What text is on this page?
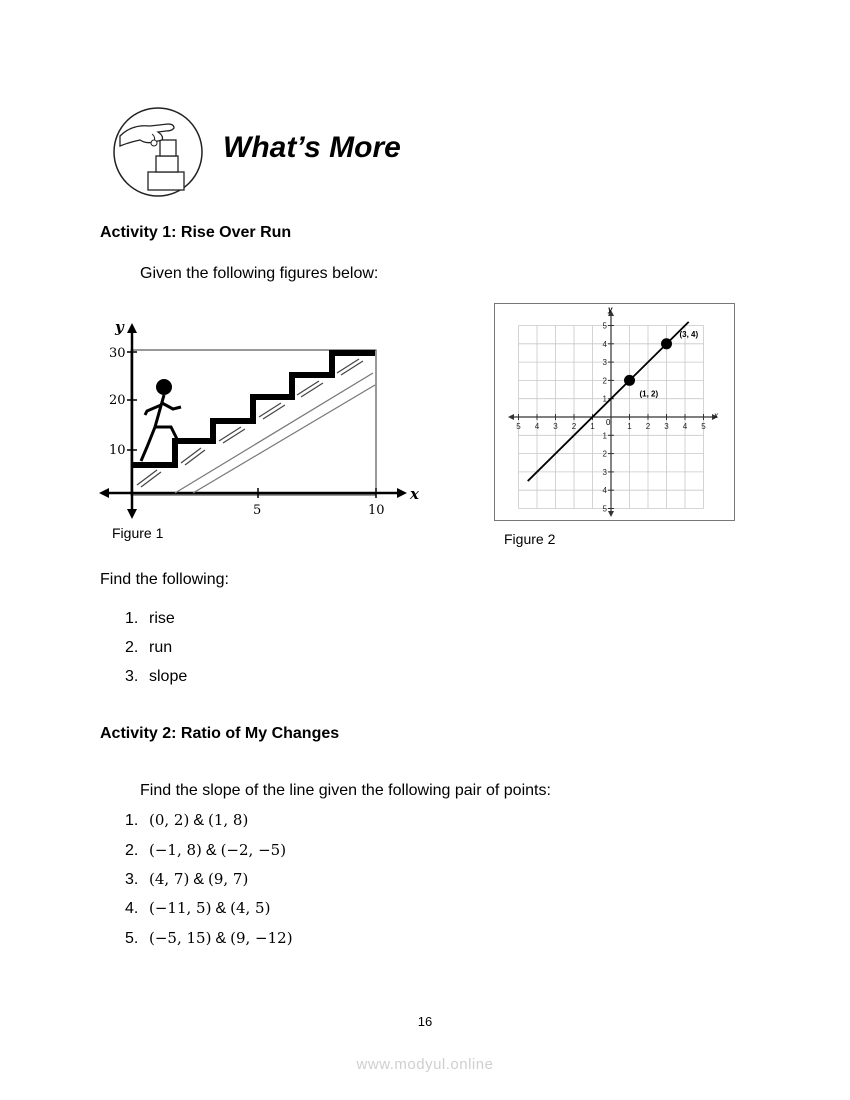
What’s More
Activity 1: Rise Over Run
Given the following figures below:
y
x
5	10
10
20
30
Figure 1
5 4 3 2 1	1 2 3 4 5
5
4
3
2
1
1
2
3
4
5
(1, 2)
(3, 4)
x
y
0
Figure 2
Find the following:
1. rise
2. run
3. slope
Activity 2: Ratio of My Changes
Find the slope of the line given the following pair of points:
1. (0, 2) & (1, 8)
2. (−1, 8) & (−2, −5)
3. (4, 7) & (9, 7)
4. (−11, 5) & (4, 5)
5. (−5, 15) & (9, −12)
16
www.modyul.online
